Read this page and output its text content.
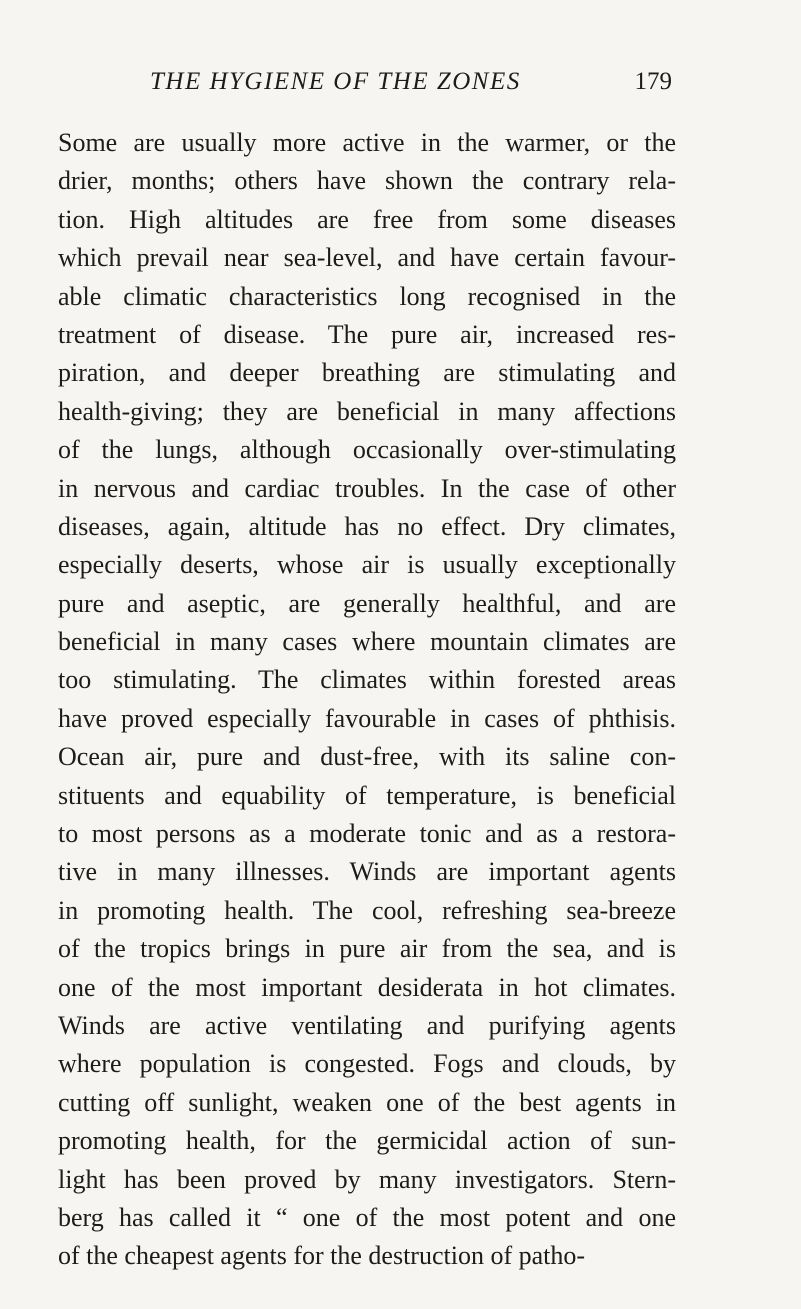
THE HYGIENE OF THE ZONES	179
Some are usually more active in the warmer, or the
drier, months; others have shown the contrary rela-
tion. High altitudes are free from some diseases
which prevail near sea-level, and have certain favour-
able climatic characteristics long recognised in the
treatment of disease. The pure air, increased res-
piration, and deeper breathing are stimulating and
health-giving; they are beneficial in many affections
of the lungs, although occasionally over-stimulating
in nervous and cardiac troubles. In the case of other
diseases, again, altitude has no effect. Dry climates,
especially deserts, whose air is usually exceptionally
pure and aseptic, are generally healthful, and are
beneficial in many cases where mountain climates are
too stimulating. The climates within forested areas
have proved especially favourable in cases of phthisis.
Ocean air, pure and dust-free, with its saline con-
stituents and equability of temperature, is beneficial
to most persons as a moderate tonic and as a restora-
tive in many illnesses. Winds are important agents
in promoting health. The cool, refreshing sea-breeze
of the tropics brings in pure air from the sea, and is
one of the most important desiderata in hot climates.
Winds are active ventilating and purifying agents
where population is congested. Fogs and clouds, by
cutting off sunlight, weaken one of the best agents in
promoting health, for the germicidal action of sun-
light has been proved by many investigators. Stern-
berg has called it “ one of the most potent and one
of the cheapest agents for the destruction of patho-
